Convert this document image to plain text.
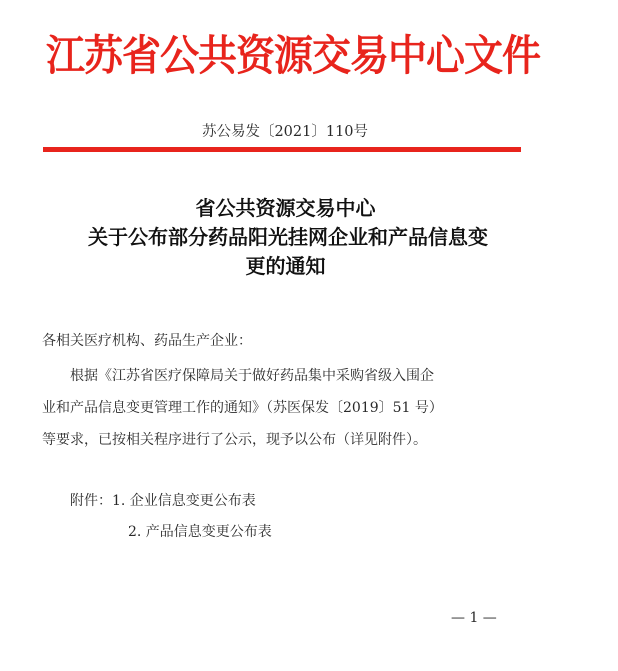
江苏省公共资源交易中心文件
苏公易发〔2021〕110号
省公共资源交易中心
关于公布部分药品阳光挂网企业和产品信息变
更的通知
各相关医疗机构、药品生产企业：
根据《江苏省医疗保障局关于做好药品集中采购省级入围企
业和产品信息变更管理工作的通知》（苏医保发〔2019〕51 号）
等要求，已按相关程序进行了公示，现予以公布（详见附件）。
附件：1. 企业信息变更公布表
2. 产品信息变更公布表
— 1 —
